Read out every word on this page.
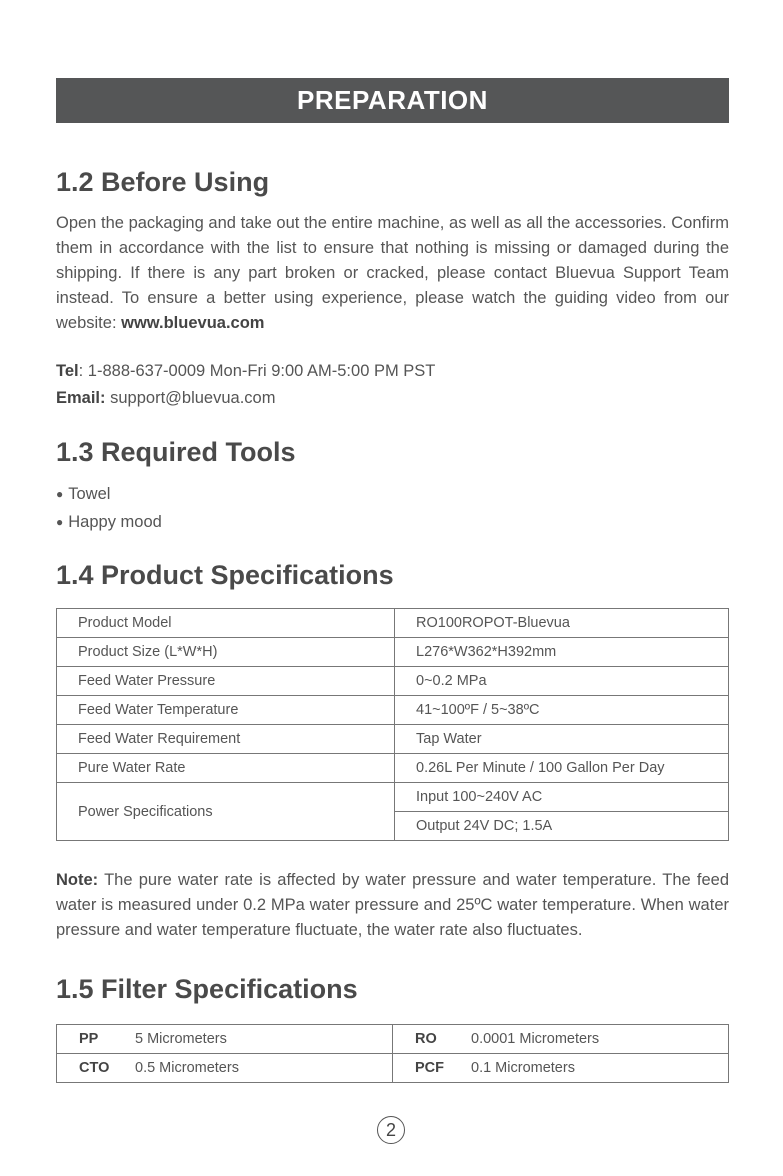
PREPARATION
1.2 Before Using

Open the packaging and take out the entire machine, as well as all the accessories. Confirm them in accordance with the list to ensure that nothing is missing or damaged during the shipping. If there is any part broken or cracked, please contact Bluevua Support Team instead. To ensure a better using experience, please watch the guiding video from our website: www.bluevua.com

Tel: 1-888-637-0009 Mon-Fri 9:00 AM-5:00 PM PST
Email: support@bluevua.com
1.3 Required Tools
● Towel
● Happy mood
1.4 Product Specifications
Product Model	RO100ROPOT-Bluevua
Product Size (L*W*H)	L276*W362*H392mm
Feed Water Pressure	0~0.2 MPa
Feed Water Temperature	41~100ºF / 5~38ºC
Feed Water Requirement	Tap Water
Pure Water Rate	0.26L Per Minute / 100 Gallon Per Day
Power Specifications	Input 100~240V AC
	Output 24V DC; 1.5A

Note: The pure water rate is affected by water pressure and water temperature. The feed water is measured under 0.2 MPa water pressure and 25ºC water temperature. When water pressure and water temperature fluctuate, the water rate also fluctuates.

1.5 Filter Specifications
PP 5 Micrometers	RO 0.0001 Micrometers
CTO 0.5 Micrometers	PCF 0.1 Micrometers
2
